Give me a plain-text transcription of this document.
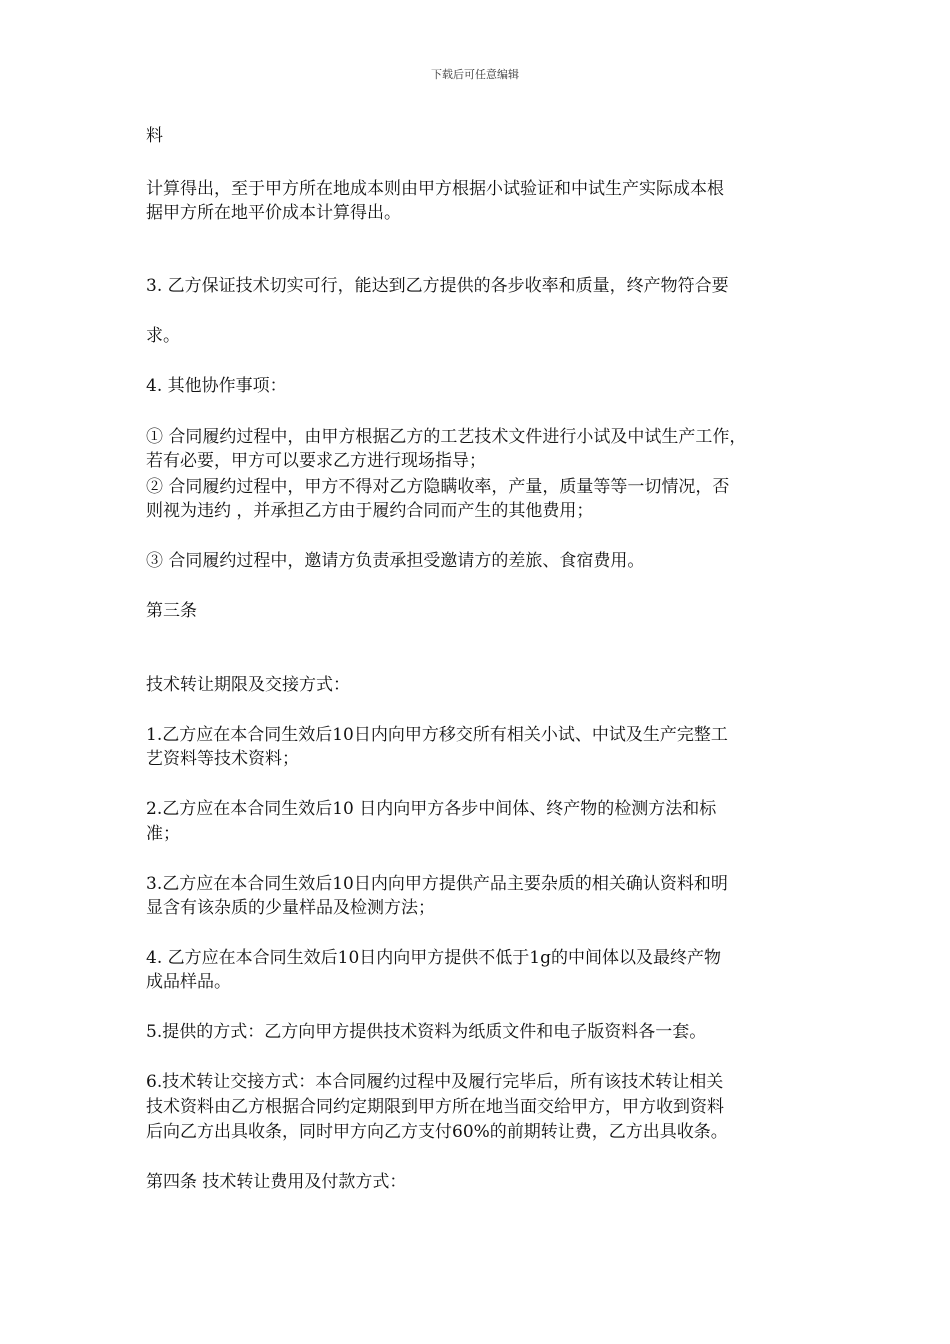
下载后可任意编辑
料
计算得出，至于甲方所在地成本则由甲方根据小试验证和中试生产实际成本根
据甲方所在地平价成本计算得出。
3. 乙方保证技术切实可行，能达到乙方提供的各步收率和质量，终产物符合要
求。
4. 其他协作事项：
① 合同履约过程中，由甲方根据乙方的工艺技术文件进行小试及中试生产工作，
若有必要，甲方可以要求乙方进行现场指导；
② 合同履约过程中，甲方不得对乙方隐瞒收率，产量，质量等等一切情况，否
则视为违约 ，并承担乙方由于履约合同而产生的其他费用；
③ 合同履约过程中，邀请方负责承担受邀请方的差旅、食宿费用。
第三条
技术转让期限及交接方式：
1.乙方应在本合同生效后10日内向甲方移交所有相关小试、中试及生产完整工
艺资料等技术资料；
2.乙方应在本合同生效后10 日内向甲方各步中间体、终产物的检测方法和标
准；
3.乙方应在本合同生效后10日内向甲方提供产品主要杂质的相关确认资料和明
显含有该杂质的少量样品及检测方法；
4. 乙方应在本合同生效后10日内向甲方提供不低于1g的中间体以及最终产物
成品样品。
5.提供的方式：乙方向甲方提供技术资料为纸质文件和电子版资料各一套。
6.技术转让交接方式：本合同履约过程中及履行完毕后，所有该技术转让相关
技术资料由乙方根据合同约定期限到甲方所在地当面交给甲方，甲方收到资料
后向乙方出具收条，同时甲方向乙方支付60%的前期转让费，乙方出具收条。
第四条 技术转让费用及付款方式：
